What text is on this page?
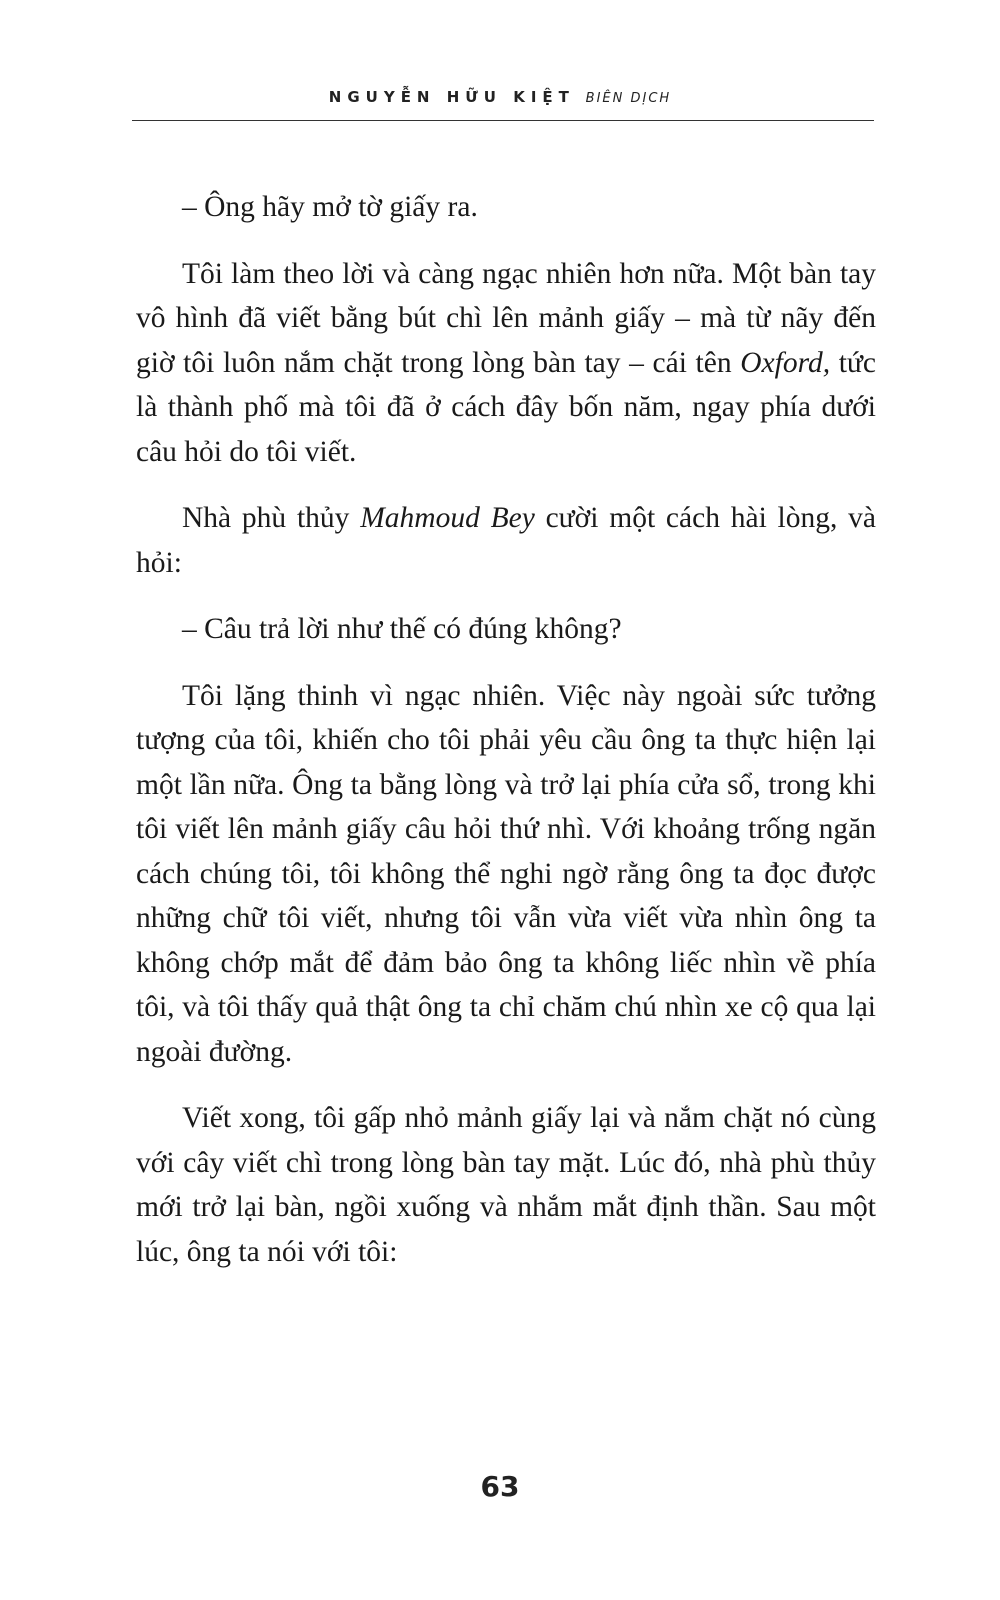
NGUYỄN HỮU KIỆT BIÊN DỊCH

– Ông hãy mở tờ giấy ra.

Tôi làm theo lời và càng ngạc nhiên hơn nữa. Một bàn tay vô hình đã viết bằng bút chì lên mảnh giấy – mà từ nãy đến giờ tôi luôn nắm chặt trong lòng bàn tay – cái tên Oxford, tức là thành phố mà tôi đã ở cách đây bốn năm, ngay phía dưới câu hỏi do tôi viết.

Nhà phù thủy Mahmoud Bey cười một cách hài lòng, và hỏi:

– Câu trả lời như thế có đúng không?

Tôi lặng thinh vì ngạc nhiên. Việc này ngoài sức tưởng tượng của tôi, khiến cho tôi phải yêu cầu ông ta thực hiện lại một lần nữa. Ông ta bằng lòng và trở lại phía cửa sổ, trong khi tôi viết lên mảnh giấy câu hỏi thứ nhì. Với khoảng trống ngăn cách chúng tôi, tôi không thể nghi ngờ rằng ông ta đọc được những chữ tôi viết, nhưng tôi vẫn vừa viết vừa nhìn ông ta không chớp mắt để đảm bảo ông ta không liếc nhìn về phía tôi, và tôi thấy quả thật ông ta chỉ chăm chú nhìn xe cộ qua lại ngoài đường.

Viết xong, tôi gấp nhỏ mảnh giấy lại và nắm chặt nó cùng với cây viết chì trong lòng bàn tay mặt. Lúc đó, nhà phù thủy mới trở lại bàn, ngồi xuống và nhắm mắt định thần. Sau một lúc, ông ta nói với tôi:

63
